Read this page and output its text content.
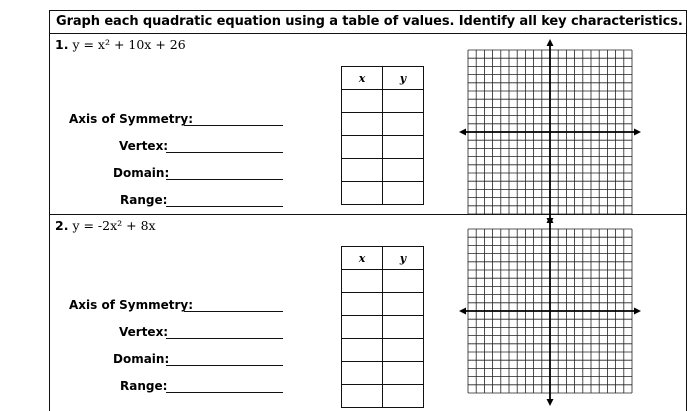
Graph each quadratic equation using a table of values. Identify all key characteristics.
1. y = x² + 10x + 26
Axis of Symmetry:
Vertex:
Domain:
Range:
x	y

2. y = -2x² + 8x
Axis of Symmetry:
Vertex:
Domain:
Range:
x	y
